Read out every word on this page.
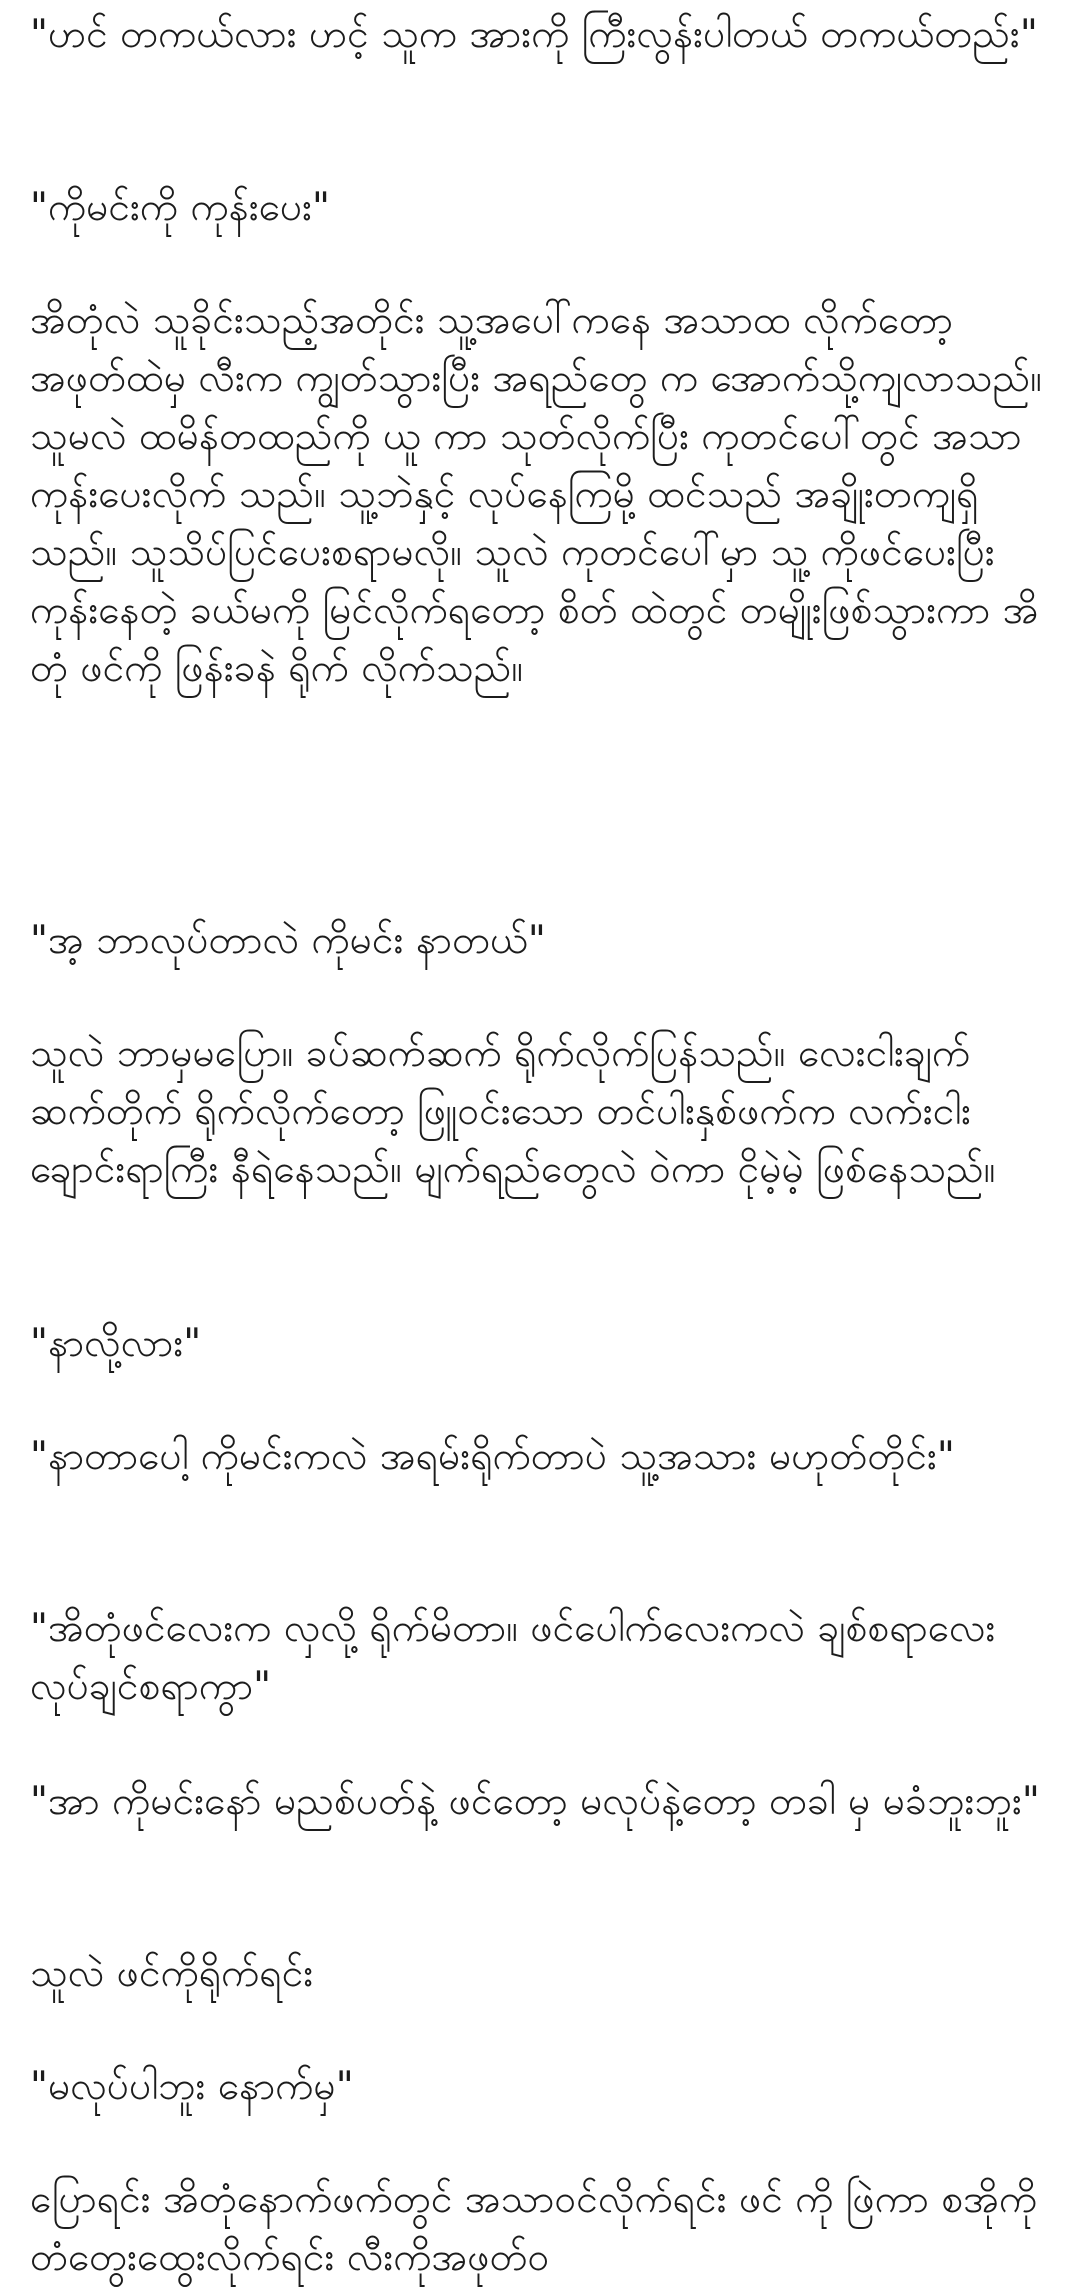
"ဟင် တကယ်လား ဟင့် သူက အားကို ကြီးလွန်းပါတယ် တကယ်တည်း"

"ကိုမင်းကို ကုန်းပေး"

အိတုံလဲ သူခိုင်းသည့်အတိုင်း သူ့အပေါ်ကနေ အသာထ လိုက်တော့ အဖုတ်ထဲမှ လီးက ကျွတ်သွားပြီး အရည်တွေ က အောက်သို့ကျလာသည်။ သူမလဲ ထမိန်တထည်ကို ယူ ကာ သုတ်လိုက်ပြီး ကုတင်ပေါ်တွင် အသာကုန်းပေးလိုက် သည်။ သူ့ဘဲနှင့် လုပ်နေကြမို့ ထင်သည် အချိုးတကျရှိ သည်။ သူသိပ်ပြင်ပေးစရာမလို။ သူလဲ ကုတင်ပေါ်မှာ သူ့ ကိုဖင်ပေးပြီးကုန်းနေတဲ့ ခယ်မကို မြင်လိုက်ရတော့ စိတ် ထဲတွင် တမျိုးဖြစ်သွားကာ အိတုံ ဖင်ကို ဖြန်းခနဲ ရိုက် လိုက်သည်။

"အ့ ဘာလုပ်တာလဲ ကိုမင်း နာတယ်"

သူလဲ ဘာမှမပြော။ ခပ်ဆက်ဆက် ရိုက်လိုက်ပြန်သည်။ လေးငါးချက် ဆက်တိုက် ရိုက်လိုက်တော့ ဖြူဝင်းသော တင်ပါးနှစ်ဖက်က လက်းငါးချောင်းရာကြီး နီရဲနေသည်။ မျက်ရည်တွေလဲ ဝဲကာ ငိုမဲ့မဲ့ ဖြစ်နေသည်။

"နာလို့လား"

"နာတာပေါ့ ကိုမင်းကလဲ အရမ်းရိုက်တာပဲ သူ့အသား မဟုတ်တိုင်း"

"အိတုံဖင်လေးက လှလို့ ရိုက်မိတာ။ ဖင်ပေါက်လေးကလဲ ချစ်စရာလေး လုပ်ချင်စရာကွာ"

"အာ ကိုမင်းနော် မညစ်ပတ်နဲ့ ဖင်တော့ မလုပ်နဲ့တော့ တခါ မှ မခံဘူးဘူး"

သူလဲ ဖင်ကိုရိုက်ရင်း

"မလုပ်ပါဘူး နောက်မှ"

ပြောရင်း အိတုံနောက်ဖက်တွင် အသာဝင်လိုက်ရင်း ဖင် ကို ဖြဲကာ စအိုကို တံတွေးထွေးလိုက်ရင်း လီးကိုအဖုတ်ဝ
